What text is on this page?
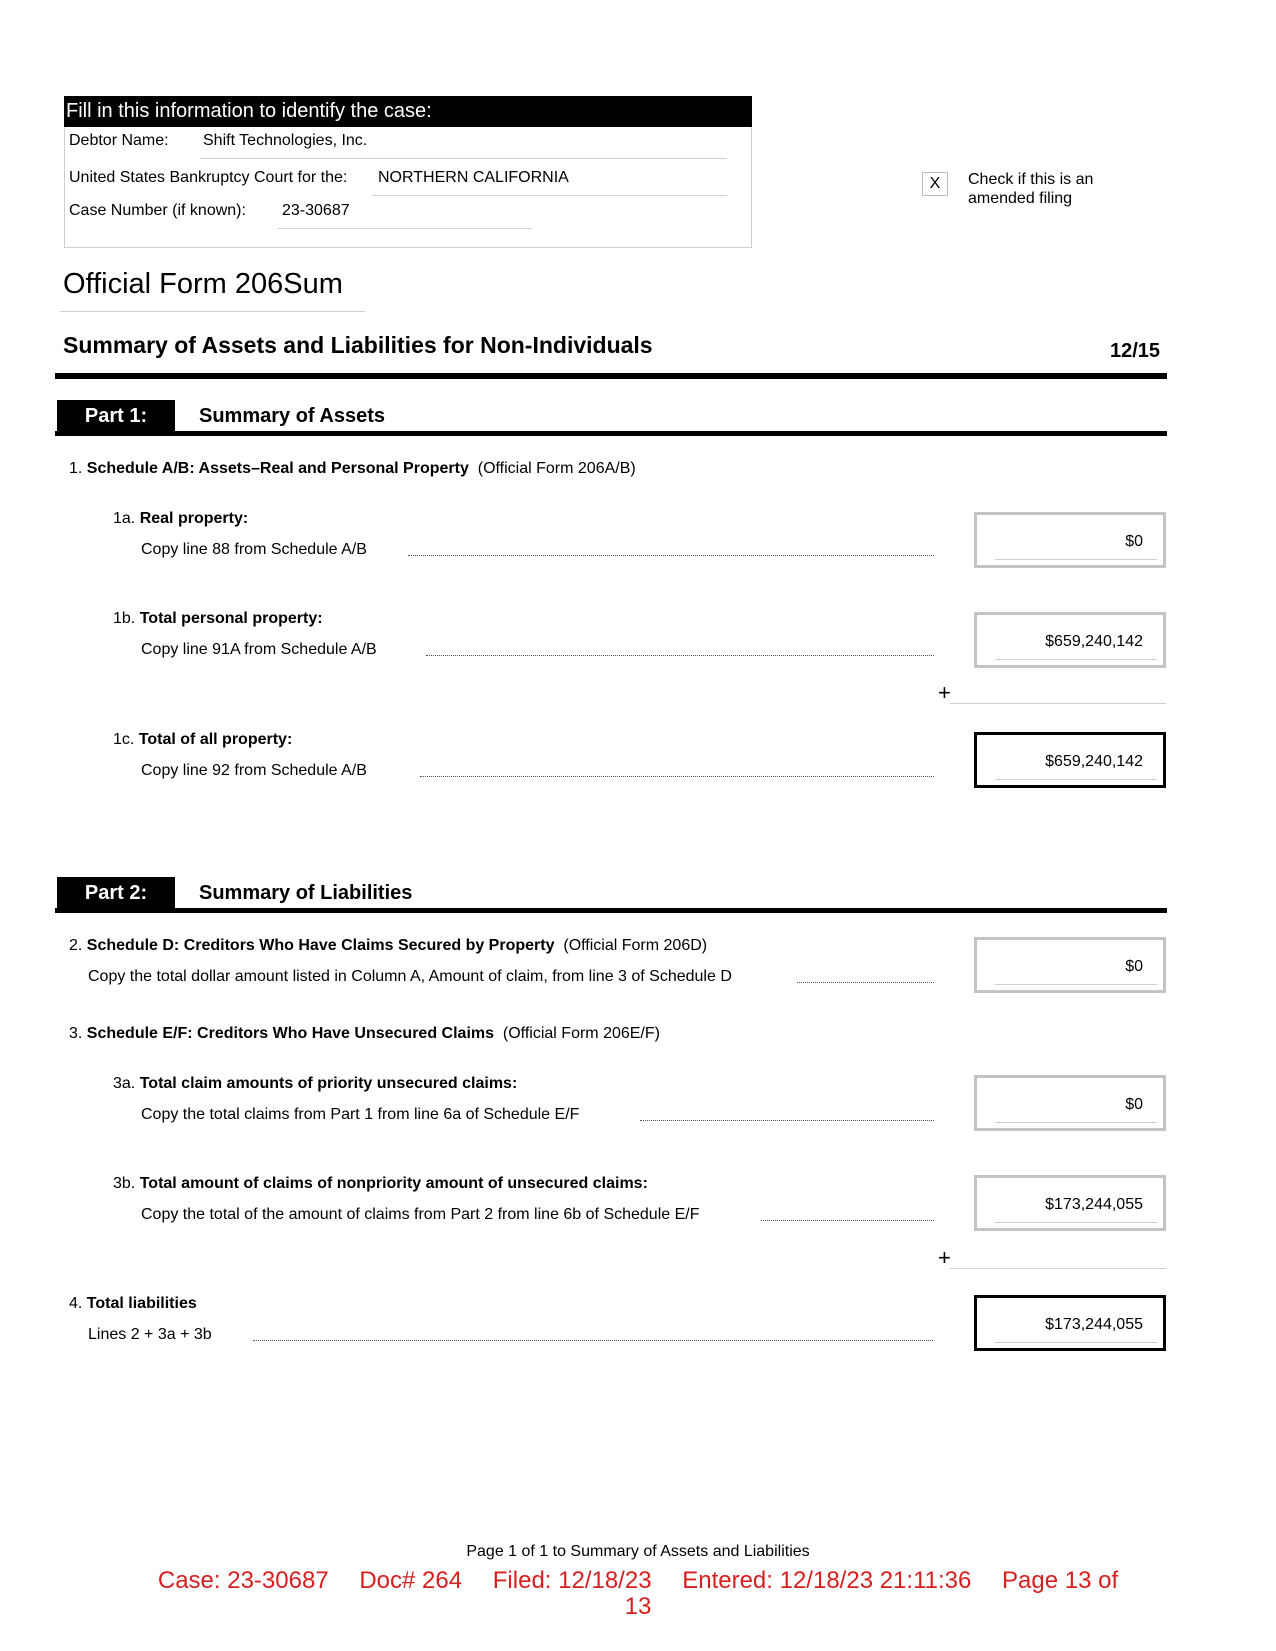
Fill in this information to identify the case:
Debtor Name: Shift Technologies, Inc.
United States Bankruptcy Court for the: NORTHERN CALIFORNIA
Case Number (if known): 23-30687
X	Check if this is an
amended filing
Official Form 206Sum
Summary of Assets and Liabilities for Non-Individuals	12/15
Part 1:	Summary of Assets
1. Schedule A/B: Assets–Real and Personal Property (Official Form 206A/B)
1a. Real property:
Copy line 88 from Schedule A/B	$0
1b. Total personal property:
Copy line 91A from Schedule A/B	$659,240,142
+
1c. Total of all property:
Copy line 92 from Schedule A/B
$659,240,142
Part 2:	Summary of Liabilities
2. Schedule D: Creditors Who Have Claims Secured by Property (Official Form 206D)
Copy the total dollar amount listed in Column A, Amount of claim, from line 3 of Schedule D
$0
3. Schedule E/F: Creditors Who Have Unsecured Claims (Official Form 206E/F)
3a. Total claim amounts of priority unsecured claims:
Copy the total claims from Part 1 from line 6a of Schedule E/F
$0
3b. Total amount of claims of nonpriority amount of unsecured claims:
Copy the total of the amount of claims from Part 2 from line 6b of Schedule E/F
$173,244,055
+
4. Total liabilities
Lines 2 + 3a + 3b
$173,244,055
Page 1 of 1 to Summary of Assets and Liabilities
Case: 23-30687 Doc# 264 Filed: 12/18/23 Entered: 12/18/23 21:11:36 Page 13 of
13
